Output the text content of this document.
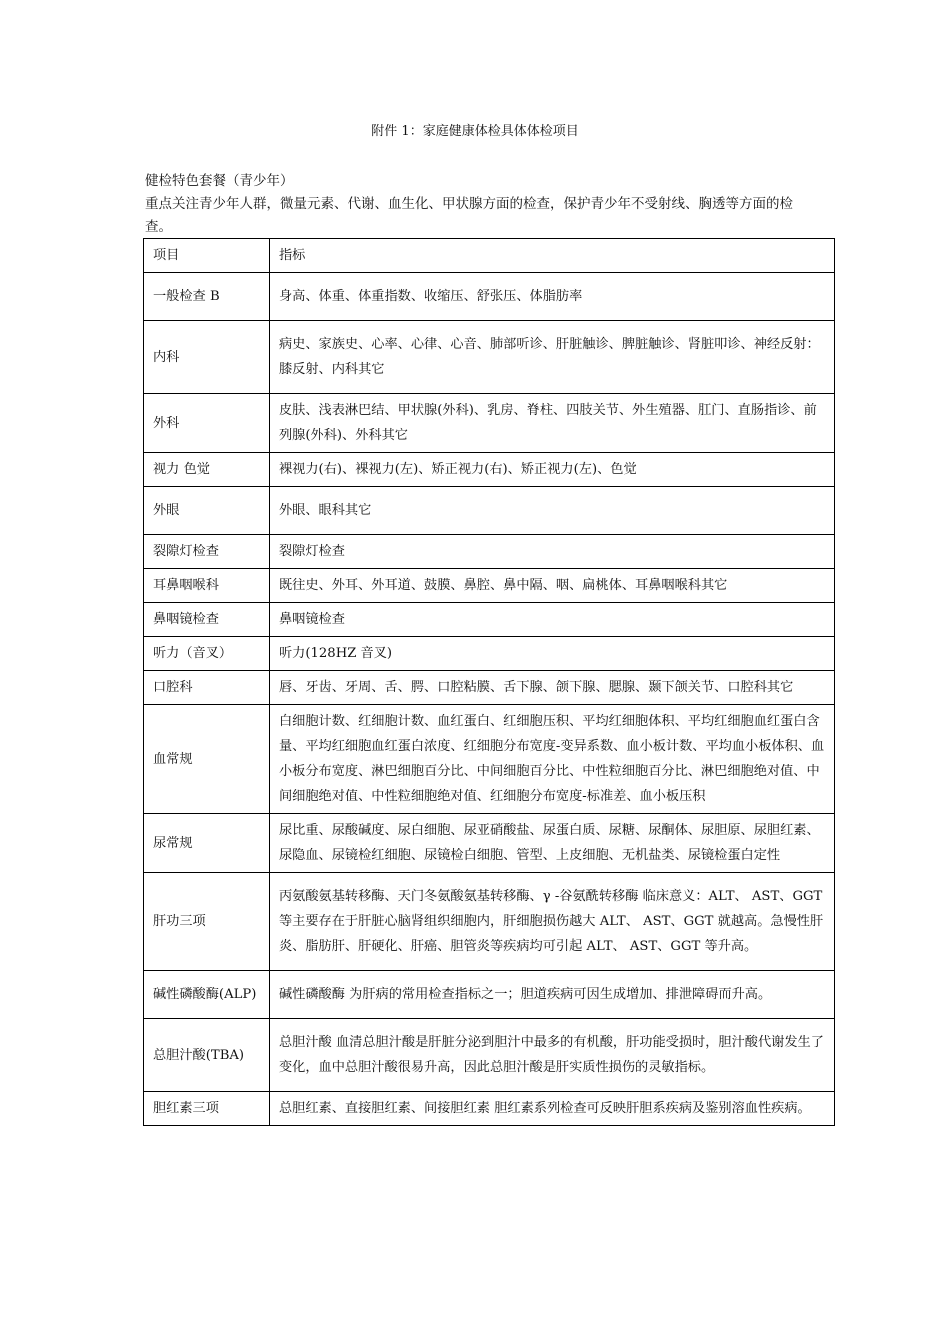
附件 1：家庭健康体检具体体检项目
健检特色套餐（青少年）
重点关注青少年人群，微量元素、代谢、血生化、甲状腺方面的检查，保护青少年不受射线、胸透等方面的检查。
项目	指标
一般检查 B	身高、体重、体重指数、收缩压、舒张压、体脂肪率
内科	病史、家族史、心率、心律、心音、肺部听诊、肝脏触诊、脾脏触诊、肾脏叩诊、神经反射：膝反射、内科其它
外科	皮肤、浅表淋巴结、甲状腺(外科)、乳房、脊柱、四肢关节、外生殖器、肛门、直肠指诊、前列腺(外科)、外科其它
视力 色觉	裸视力(右)、裸视力(左)、矫正视力(右)、矫正视力(左)、色觉
外眼	外眼、眼科其它
裂隙灯检查	裂隙灯检查
耳鼻咽喉科	既往史、外耳、外耳道、鼓膜、鼻腔、鼻中隔、咽、扁桃体、耳鼻咽喉科其它
鼻咽镜检查	鼻咽镜检查
听力（音叉）	听力(128HZ 音叉)
口腔科	唇、牙齿、牙周、舌、腭、口腔粘膜、舌下腺、颌下腺、腮腺、颞下颌关节、口腔科其它
血常规	白细胞计数、红细胞计数、血红蛋白、红细胞压积、平均红细胞体积、平均红细胞血红蛋白含量、平均红细胞血红蛋白浓度、红细胞分布宽度-变异系数、血小板计数、平均血小板体积、血小板分布宽度、淋巴细胞百分比、中间细胞百分比、中性粒细胞百分比、淋巴细胞绝对值、中间细胞绝对值、中性粒细胞绝对值、红细胞分布宽度-标准差、血小板压积
尿常规	尿比重、尿酸碱度、尿白细胞、尿亚硝酸盐、尿蛋白质、尿糖、尿酮体、尿胆原、尿胆红素、尿隐血、尿镜检红细胞、尿镜检白细胞、管型、上皮细胞、无机盐类、尿镜检蛋白定性
肝功三项	丙氨酸氨基转移酶、天门冬氨酸氨基转移酶、γ -谷氨酰转移酶 临床意义：ALT、 AST、GGT 等主要存在于肝脏心脑肾组织细胞内，肝细胞损伤越大 ALT、 AST、GGT 就越高。急慢性肝炎、脂肪肝、肝硬化、肝癌、胆管炎等疾病均可引起 ALT、 AST、GGT 等升高。
碱性磷酸酶(ALP)	碱性磷酸酶 为肝病的常用检查指标之一；胆道疾病可因生成增加、排泄障碍而升高。
总胆汁酸(TBA)	总胆汁酸 血清总胆汁酸是肝脏分泌到胆汁中最多的有机酸，肝功能受损时，胆汁酸代谢发生了变化，血中总胆汁酸很易升高，因此总胆汁酸是肝实质性损伤的灵敏指标。
胆红素三项	总胆红素、直接胆红素、间接胆红素 胆红素系列检查可反映肝胆系疾病及鉴别溶血性疾病。
